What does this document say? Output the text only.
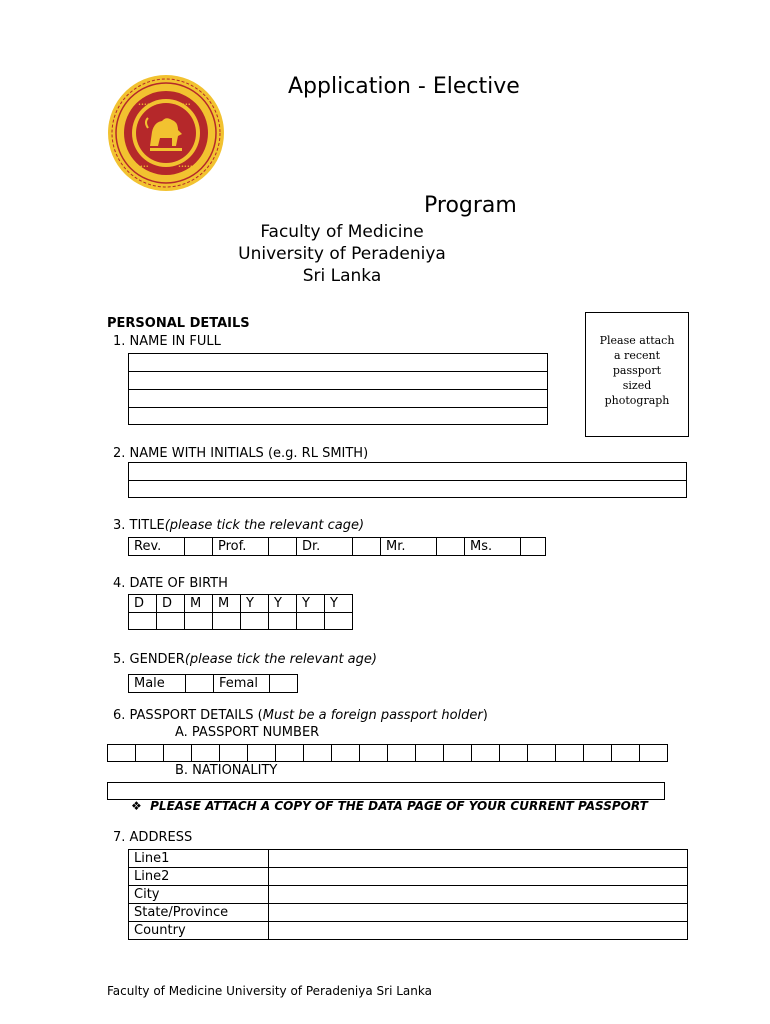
•••••	•••••
•••••	•••••
Application - Elective
Program
Faculty of Medicine
University of Peradeniya
Sri Lanka
PERSONAL DETAILS
Please attach
a recent
passport
sized
photograph
1. NAME IN FULL
2. NAME WITH INITIALS (e.g. RL SMITH)
3. TITLE(please tick the relevant cage)
Rev.		Prof.		Dr.		Mr.		Ms.	
4. DATE OF BIRTH
D	D	M	M	Y	Y	Y	Y

5. GENDER(please tick the relevant age)
Male		Femal	
6. PASSPORT DETAILS (Must be a foreign passport holder)
A. PASSPORT NUMBER

B. NATIONALITY
❖ PLEASE ATTACH A COPY OF THE DATA PAGE OF YOUR CURRENT PASSPORT
7. ADDRESS
Line1	
Line2	
City	
State/Province	
Country	
Faculty of Medicine University of Peradeniya Sri Lanka
